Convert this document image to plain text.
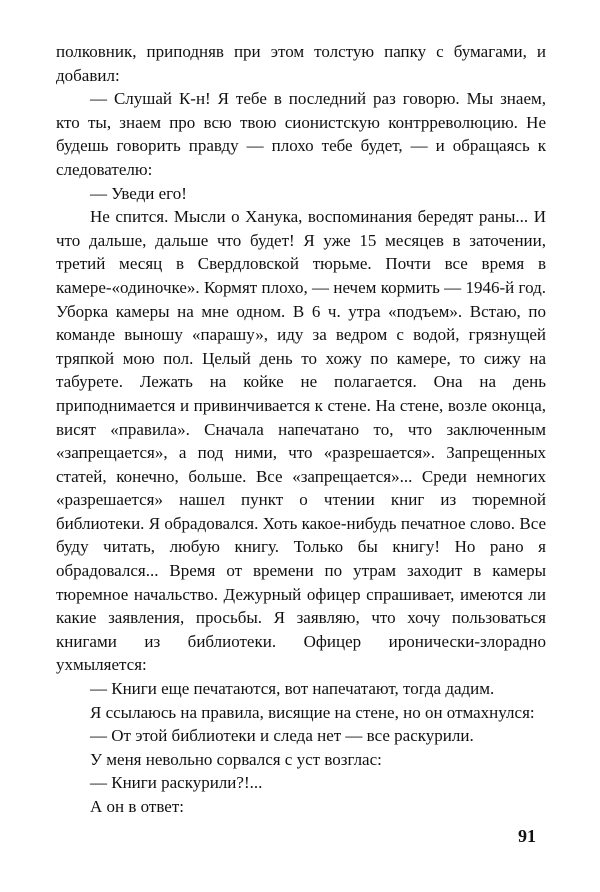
полковник, приподняв при этом толстую папку с бумагами, и добавил:

— Слушай К-н! Я тебе в последний раз говорю. Мы знаем, кто ты, знаем про всю твою сионистскую контрреволюцию. Не будешь говорить правду — плохо тебе будет, — и обращаясь к следователю:

— Уведи его!

Не спится. Мысли о Ханука, воспоминания бередят раны... И что дальше, дальше что будет! Я уже 15 месяцев в заточении, третий месяц в Свердловской тюрьме. Почти все время в камере-«одиночке». Кормят плохо, — нечем кормить — 1946-й год. Уборка камеры на мне одном. В 6 ч. утра «подъем». Встаю, по команде выношу «парашу», иду за ведром с водой, грязнущей тряпкой мою пол. Целый день то хожу по камере, то сижу на табурете. Лежать на койке не полагается. Она на день приподнимается и привинчивается к стене. На стене, возле оконца, висят «правила». Сначала напечатано то, что заключенным «запрещается», а под ними, что «разрешается». Запрещенных статей, конечно, больше. Все «запрещается»... Среди немногих «разрешается» нашел пункт о чтении книг из тюремной библиотеки. Я обрадовался. Хоть какое-нибудь печатное слово. Все буду читать, любую книгу. Только бы книгу! Но рано я обрадовался... Время от времени по утрам заходит в камеры тюремное начальство. Дежурный офицер спрашивает, имеются ли какие заявления, просьбы. Я заявляю, что хочу пользоваться книгами из библиотеки. Офицер иронически-злорадно ухмыляется:

— Книги еще печатаются, вот напечатают, тогда дадим.

Я ссылаюсь на правила, висящие на стене, но он отмахнулся:

— От этой библиотеки и следа нет — все раскурили.

У меня невольно сорвался с уст возглас:

— Книги раскурили?!...

А он в ответ:

91
